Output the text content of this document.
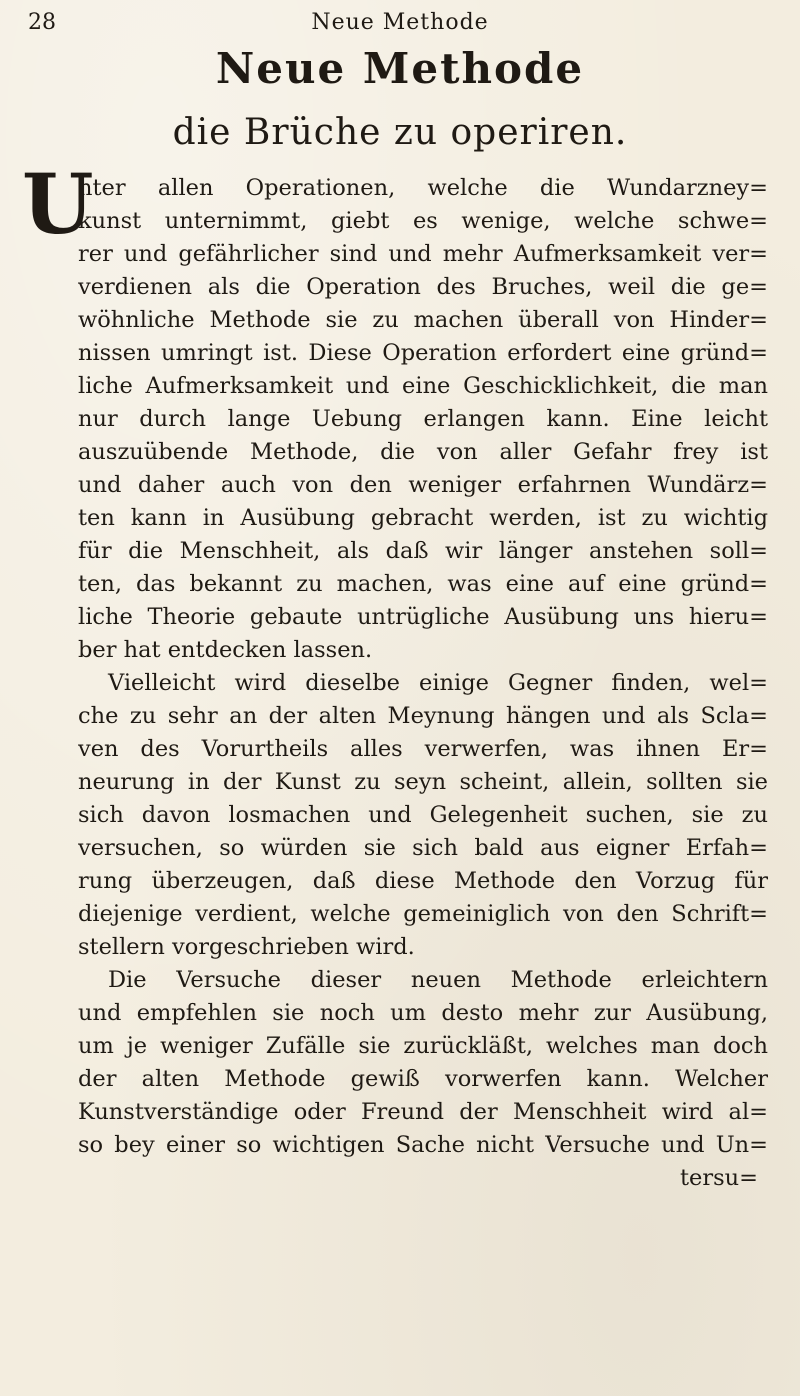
28	Neue Methode
Neue Methode
die Brüche zu operiren.
U
nter allen Operationen, welche die Wundarzney=
kunst unternimmt, giebt es wenige, welche schwe=
rer und gefährlicher sind und mehr Aufmerksamkeit ver=
verdienen als die Operation des Bruches, weil die ge=
wöhnliche Methode sie zu machen überall von Hinder=
nissen umringt ist. Diese Operation erfordert eine gründ=
liche Aufmerksamkeit und eine Geschicklichkeit, die man
nur durch lange Uebung erlangen kann. Eine leicht
auszuübende Methode, die von aller Gefahr frey ist
und daher auch von den weniger erfahrnen Wundärz=
ten kann in Ausübung gebracht werden, ist zu wichtig
für die Menschheit, als daß wir länger anstehen soll=
ten, das bekannt zu machen, was eine auf eine gründ=
liche Theorie gebaute untrügliche Ausübung uns hieru=
ber hat entdecken lassen.
Vielleicht wird dieselbe einige Gegner finden, wel=
che zu sehr an der alten Meynung hängen und als Scla=
ven des Vorurtheils alles verwerfen, was ihnen Er=
neurung in der Kunst zu seyn scheint, allein, sollten sie
sich davon losmachen und Gelegenheit suchen, sie zu
versuchen, so würden sie sich bald aus eigner Erfah=
rung überzeugen, daß diese Methode den Vorzug für
diejenige verdient, welche gemeiniglich von den Schrift=
stellern vorgeschrieben wird.
Die Versuche dieser neuen Methode erleichtern
und empfehlen sie noch um desto mehr zur Ausübung,
um je weniger Zufälle sie zurückläßt, welches man doch
der alten Methode gewiß vorwerfen kann. Welcher
Kunstverständige oder Freund der Menschheit wird al=
so bey einer so wichtigen Sache nicht Versuche und Un=
tersu=
